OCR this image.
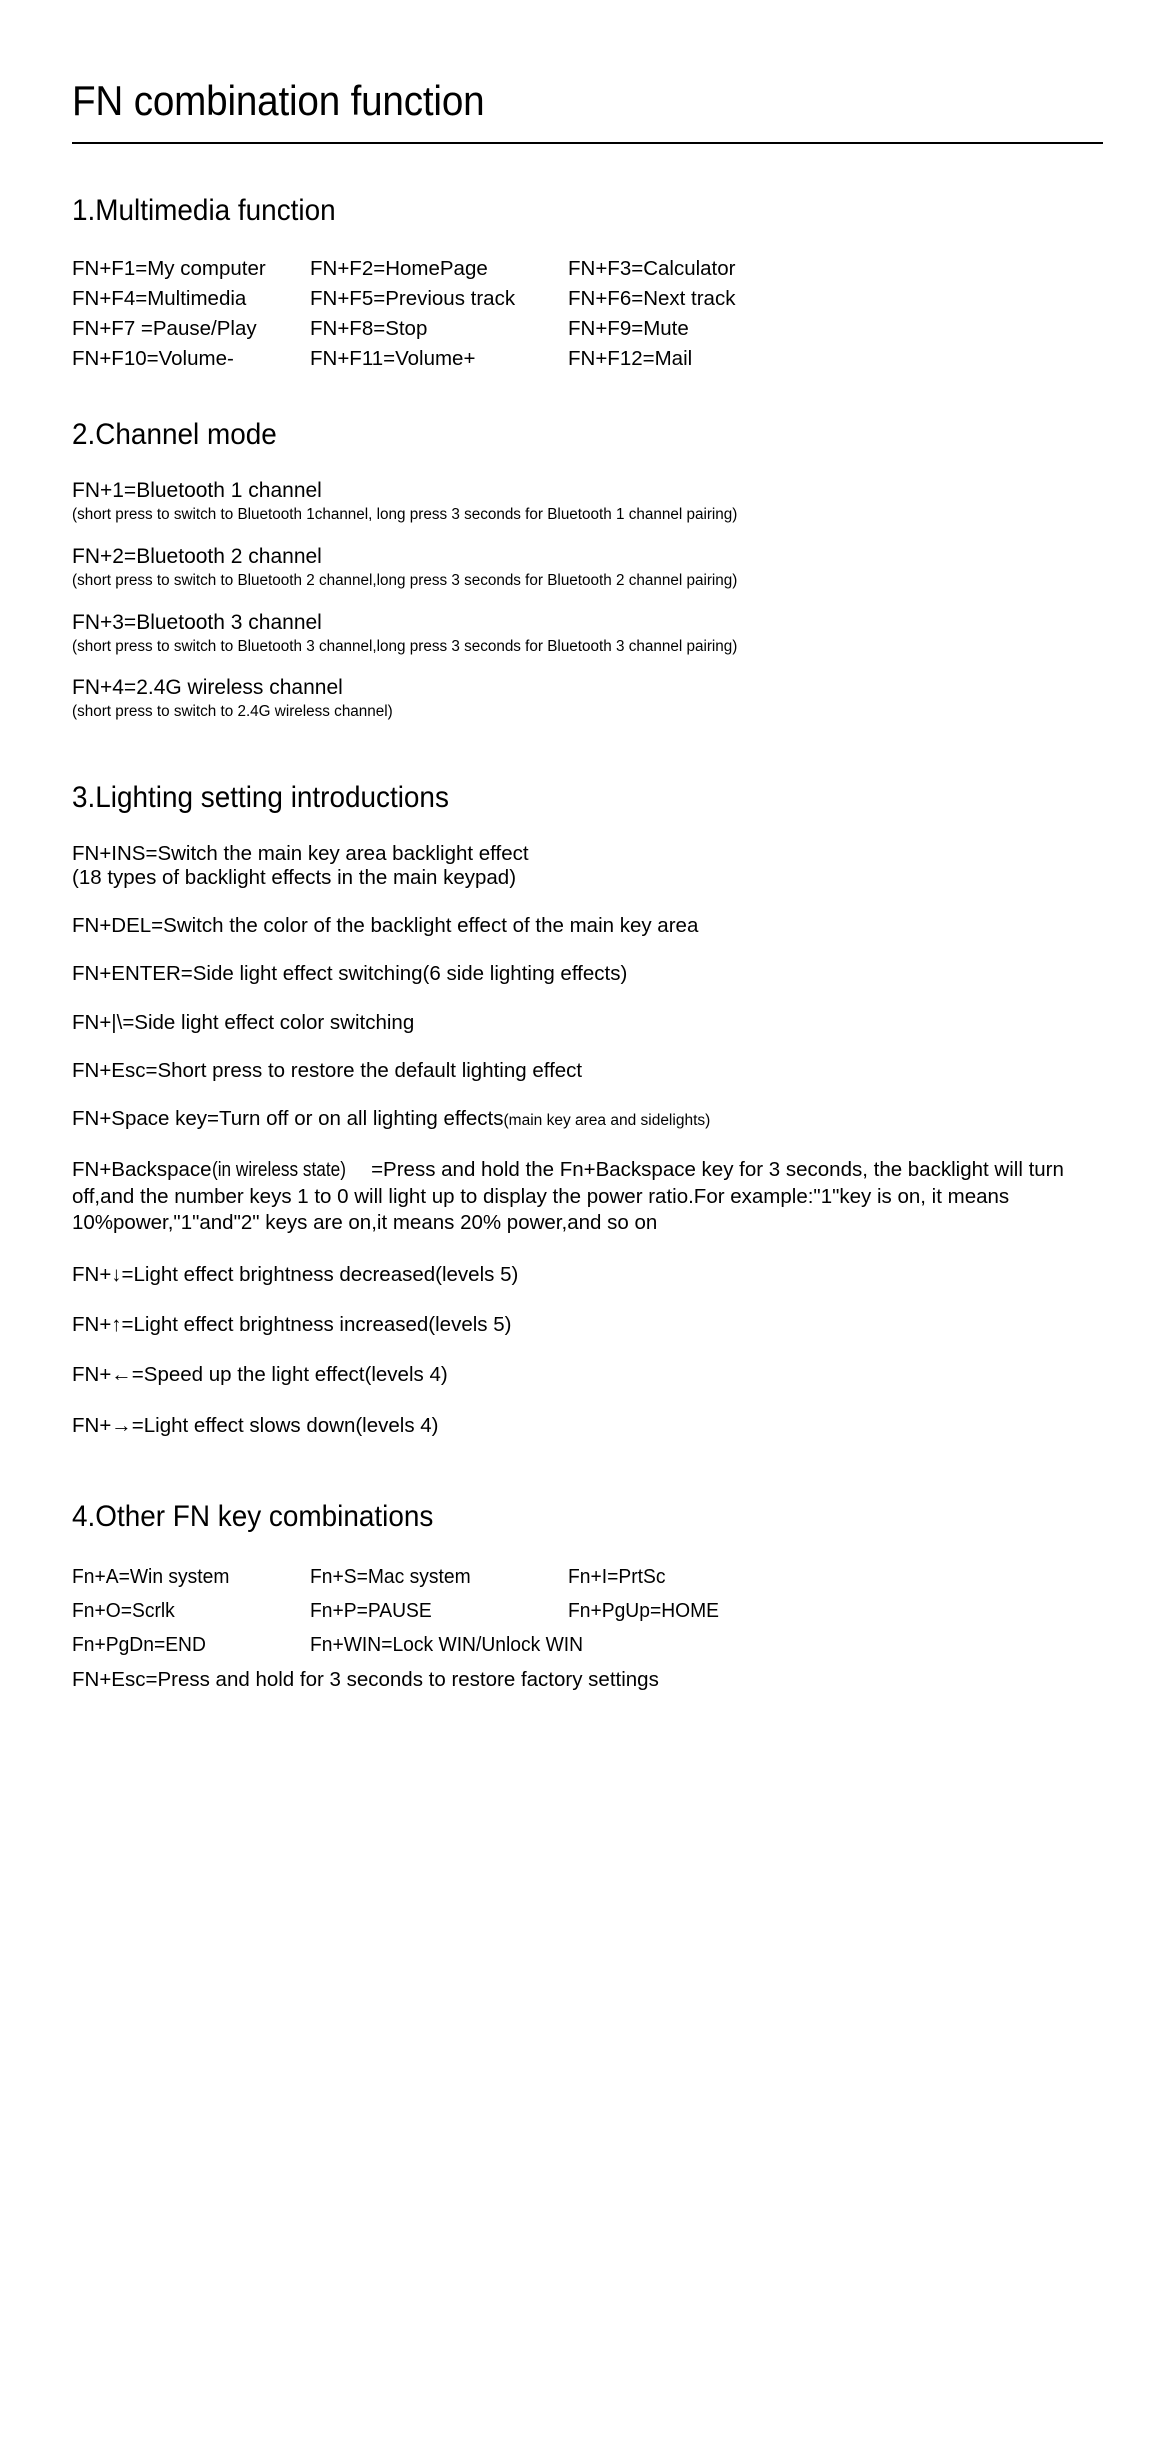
FN combination function
1.Multimedia function
FN+F1=My computer	FN+F2=HomePage	FN+F3=Calculator
FN+F4=Multimedia	FN+F5=Previous track	FN+F6=Next track
FN+F7 =Pause/Play	FN+F8=Stop	FN+F9=Mute
FN+F10=Volume-	FN+F11=Volume+	FN+F12=Mail
2.Channel mode
FN+1=Bluetooth 1 channel
(short press to switch to Bluetooth 1channel, long press 3 seconds for Bluetooth 1 channel pairing)
FN+2=Bluetooth 2 channel
(short press to switch to Bluetooth 2 channel,long press 3 seconds for Bluetooth 2 channel pairing)
FN+3=Bluetooth 3 channel
(short press to switch to Bluetooth 3 channel,long press 3 seconds for Bluetooth 3 channel pairing)
FN+4=2.4G wireless channel
(short press to switch to 2.4G wireless channel)
3.Lighting setting introductions
FN+INS=Switch the main key area backlight effect
(18 types of backlight effects in the main keypad)
FN+DEL=Switch the color of the backlight effect of the main key area
FN+ENTER=Side light effect switching(6 side lighting effects)
FN+|\=Side light effect color switching
FN+Esc=Short press to restore the default lighting effect
FN+Space key=Turn off or on all lighting effects(main key area and sidelights)
FN+Backspace(in wireless state) =Press and hold the Fn+Backspace key for 3 seconds, the backlight will turn off,and the number keys 1 to 0 will light up to display the power ratio.For example:"1"key is on, it means 10%power,"1"and"2" keys are on,it means 20% power,and so on
FN+↓=Light effect brightness decreased(levels 5)
FN+↑=Light effect brightness increased(levels 5)
FN+←=Speed up the light effect(levels 4)
FN+→=Light effect slows down(levels 4)
4.Other FN key combinations
Fn+A=Win system	Fn+S=Mac system	Fn+I=PrtSc
Fn+O=Scrlk	Fn+P=PAUSE	Fn+PgUp=HOME
Fn+PgDn=END	Fn+WIN=Lock WIN/Unlock WIN
FN+Esc=Press and hold for 3 seconds to restore factory settings
